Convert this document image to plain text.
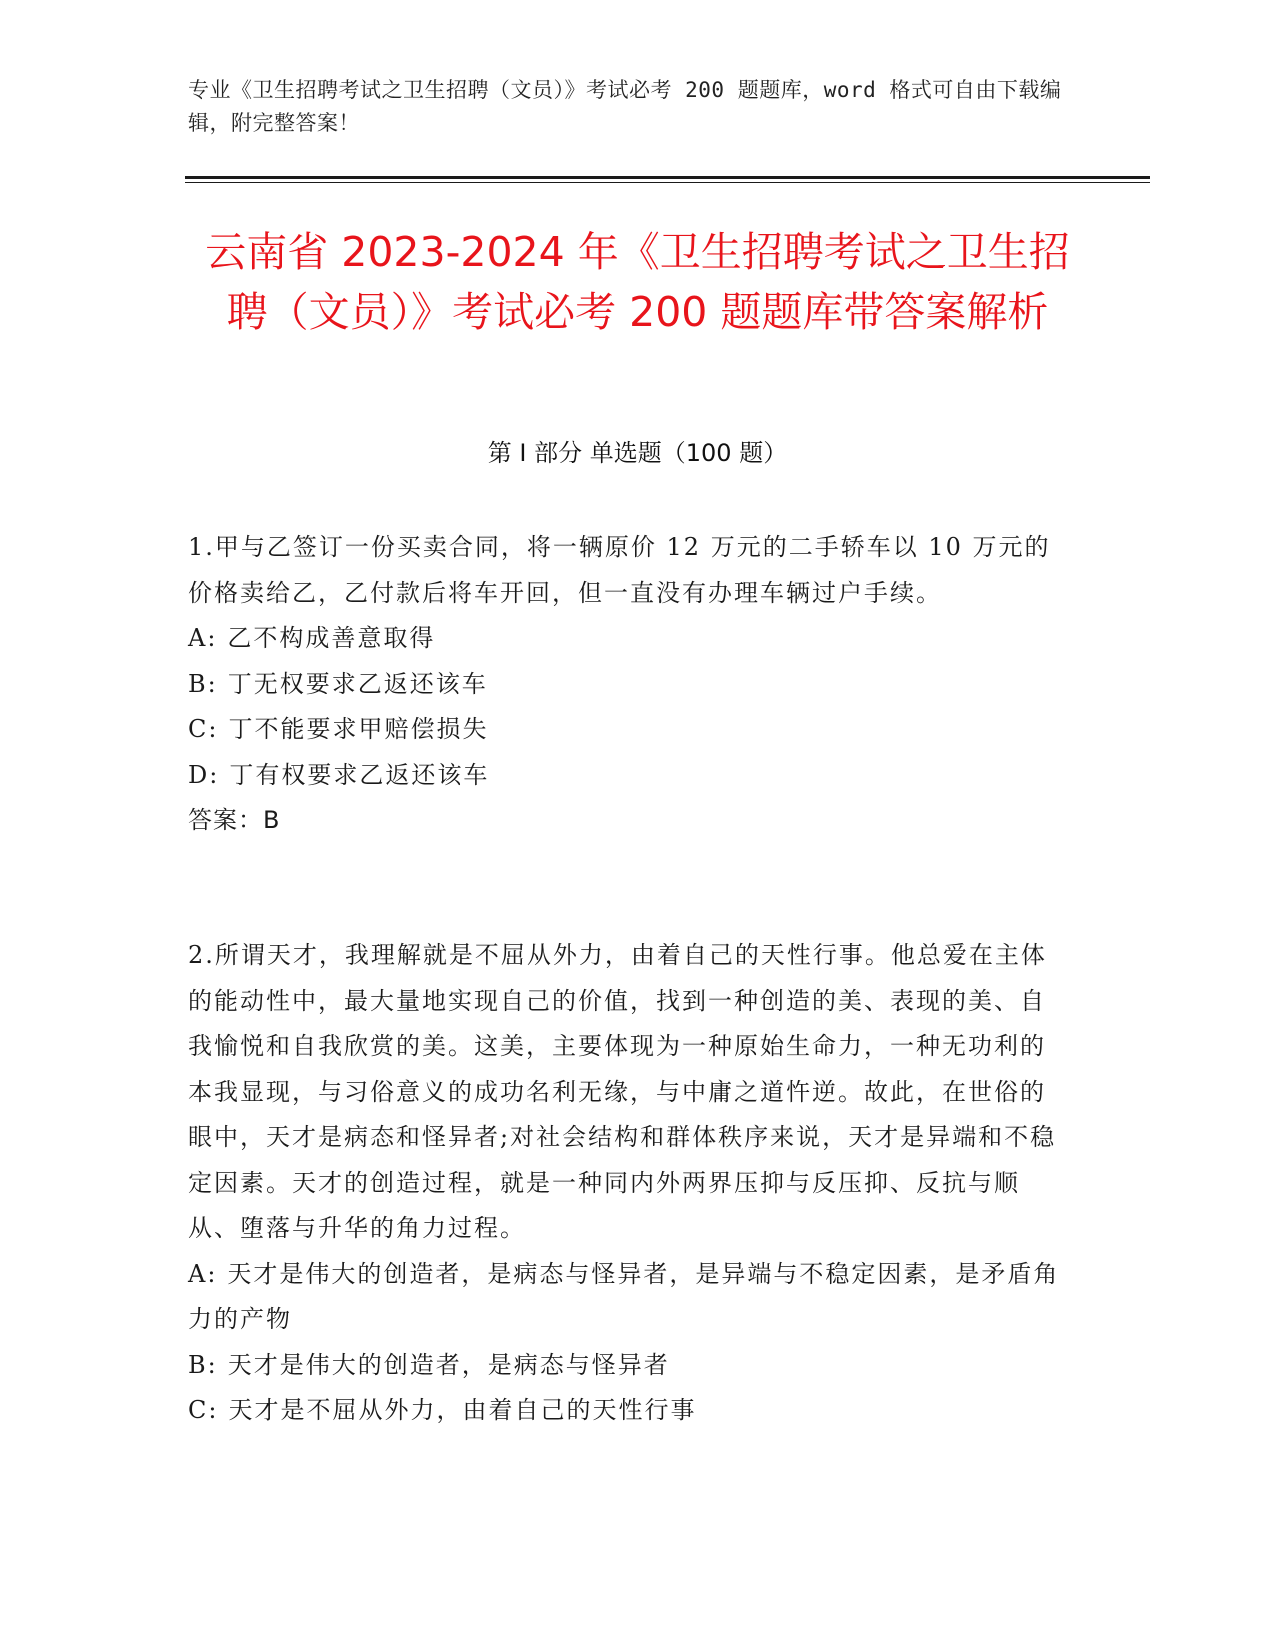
专业《卫生招聘考试之卫生招聘（文员）》考试必考 200 题题库，word 格式可自由下载编辑，附完整答案！
云南省 2023-2024 年《卫生招聘考试之卫生招聘（文员）》考试必考 200 题题库带答案解析
第 I 部分 单选题（100 题）
1.甲与乙签订一份买卖合同，将一辆原价 12 万元的二手轿车以 10 万元的价格卖给乙，乙付款后将车开回，但一直没有办理车辆过户手续。
A: 乙不构成善意取得
B: 丁无权要求乙返还该车
C: 丁不能要求甲赔偿损失
D: 丁有权要求乙返还该车
答案：B
2.所谓天才，我理解就是不屈从外力，由着自己的天性行事。他总爱在主体的能动性中，最大量地实现自己的价值，找到一种创造的美、表现的美、自我愉悦和自我欣赏的美。这美，主要体现为一种原始生命力，一种无功利的本我显现，与习俗意义的成功名利无缘，与中庸之道忤逆。故此，在世俗的眼中，天才是病态和怪异者;对社会结构和群体秩序来说，天才是异端和不稳定因素。天才的创造过程，就是一种同内外两界压抑与反压抑、反抗与顺从、堕落与升华的角力过程。
A: 天才是伟大的创造者，是病态与怪异者，是异端与不稳定因素，是矛盾角力的产物
B: 天才是伟大的创造者，是病态与怪异者
C: 天才是不屈从外力，由着自己的天性行事
